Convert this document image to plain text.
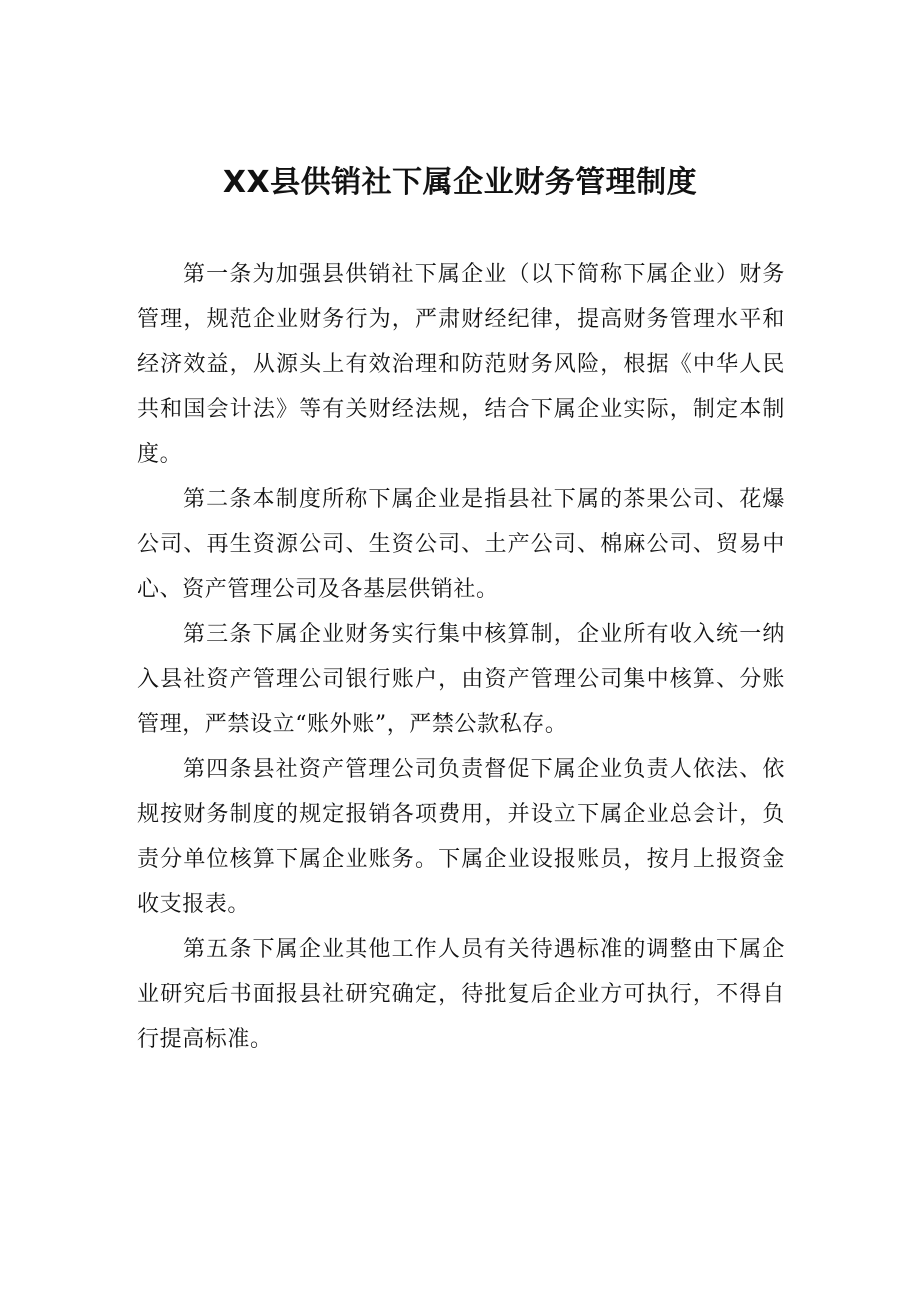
XX县供销社下属企业财务管理制度

第一条为加强县供销社下属企业（以下简称下属企业）财务管理，规范企业财务行为，严肃财经纪律，提高财务管理水平和经济效益，从源头上有效治理和防范财务风险，根据《中华人民共和国会计法》等有关财经法规，结合下属企业实际，制定本制度。

第二条本制度所称下属企业是指县社下属的茶果公司、花爆公司、再生资源公司、生资公司、土产公司、棉麻公司、贸易中心、资产管理公司及各基层供销社。

第三条下属企业财务实行集中核算制，企业所有收入统一纳入县社资产管理公司银行账户，由资产管理公司集中核算、分账管理，严禁设立“账外账”，严禁公款私存。

第四条县社资产管理公司负责督促下属企业负责人依法、依规按财务制度的规定报销各项费用，并设立下属企业总会计，负责分单位核算下属企业账务。下属企业设报账员，按月上报资金收支报表。

第五条下属企业其他工作人员有关待遇标准的调整由下属企业研究后书面报县社研究确定，待批复后企业方可执行，不得自行提高标准。
